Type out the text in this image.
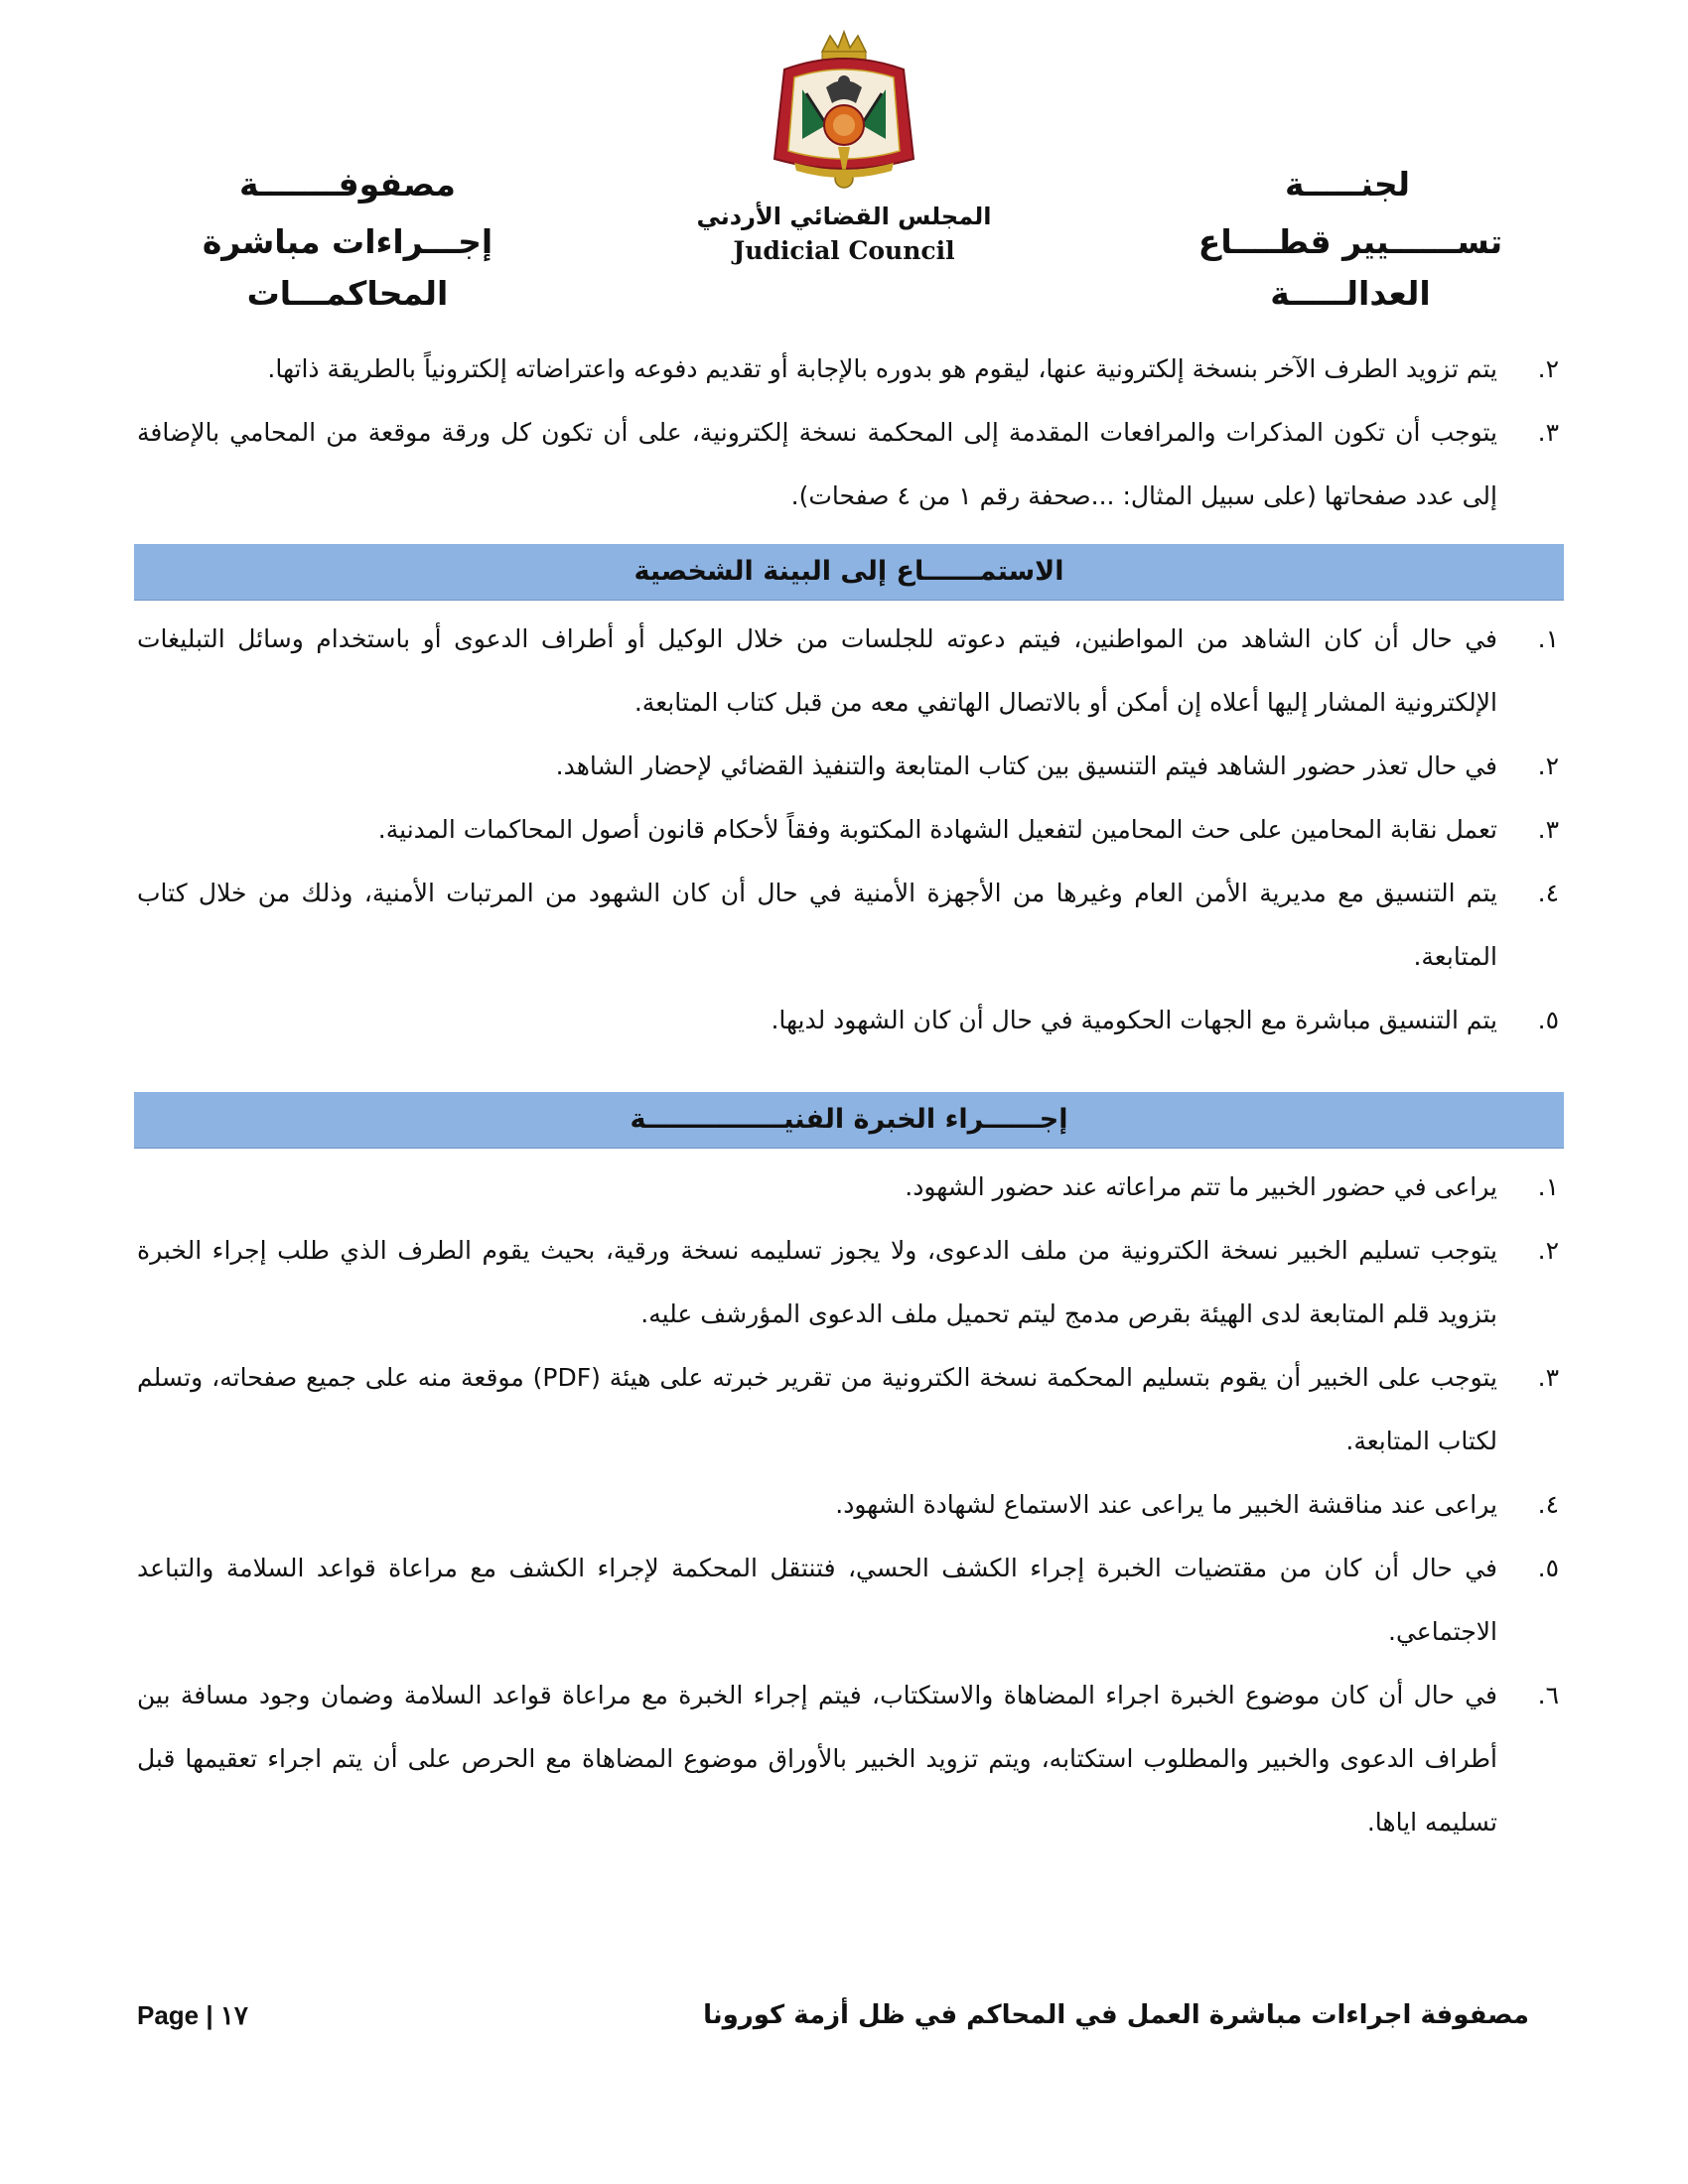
لجنـــــة
تســــــيير قطــــاع العدالـــــة
مصفوفـــــــة
إجـــراءات مباشرة المحاكمـــات
المجلس القضائي الأردني
Judicial Council
٢.
يتم تزويد الطرف الآخر بنسخة إلكترونية عنها، ليقوم هو بدوره بالإجابة أو تقديم دفوعه واعتراضاته إلكترونياً بالطريقة ذاتها.
٣.
يتوجب أن تكون المذكرات والمرافعات المقدمة إلى المحكمة نسخة إلكترونية، على أن تكون كل ورقة موقعة من المحامي بالإضافة إلى عدد صفحاتها (على سبيل المثال: ...صحفة رقم ١ من ٤ صفحات).
الاستمــــــاع إلى البينة الشخصية
١.
في حال أن كان الشاهد من المواطنين، فيتم دعوته للجلسات من خلال الوكيل أو أطراف الدعوى أو باستخدام وسائل التبليغات الإلكترونية المشار إليها أعلاه إن أمكن أو بالاتصال الهاتفي معه من قبل كتاب المتابعة.
٢.
في حال تعذر حضور الشاهد فيتم التنسيق بين كتاب المتابعة والتنفيذ القضائي لإحضار الشاهد.
٣.
تعمل نقابة المحامين على حث المحامين لتفعيل الشهادة المكتوبة وفقاً لأحكام قانون أصول المحاكمات المدنية.
٤.
يتم التنسيق مع مديرية الأمن العام وغيرها من الأجهزة الأمنية في حال أن كان الشهود من المرتبات الأمنية، وذلك من خلال كتاب المتابعة.
٥.
يتم التنسيق مباشرة مع الجهات الحكومية في حال أن كان الشهود لديها.
إجــــــراء الخبرة الفنيـــــــــــــــة
١.
يراعى في حضور الخبير ما تتم مراعاته عند حضور الشهود.
٢.
يتوجب تسليم الخبير نسخة الكترونية من ملف الدعوى، ولا يجوز تسليمه نسخة ورقية، بحيث يقوم الطرف الذي طلب إجراء الخبرة بتزويد قلم المتابعة لدى الهيئة بقرص مدمج ليتم تحميل ملف الدعوى المؤرشف عليه.
٣.
يتوجب على الخبير أن يقوم بتسليم المحكمة نسخة الكترونية من تقرير خبرته على هيئة (PDF) موقعة منه على جميع صفحاته، وتسلم لكتاب المتابعة.
٤.
يراعى عند مناقشة الخبير ما يراعى عند الاستماع لشهادة الشهود.
٥.
في حال أن كان من مقتضيات الخبرة إجراء الكشف الحسي، فتنتقل المحكمة لإجراء الكشف مع مراعاة قواعد السلامة والتباعد الاجتماعي.
٦.
في حال أن كان موضوع الخبرة اجراء المضاهاة والاستكتاب، فيتم إجراء الخبرة مع مراعاة قواعد السلامة وضمان وجود مسافة بين أطراف الدعوى والخبير والمطلوب استكتابه، ويتم تزويد الخبير بالأوراق موضوع المضاهاة مع الحرص على أن يتم اجراء تعقيمها قبل تسليمه اياها.
Page | ١٧	مصفوفة اجراءات مباشرة العمل في المحاكم في ظل أزمة كورونا
